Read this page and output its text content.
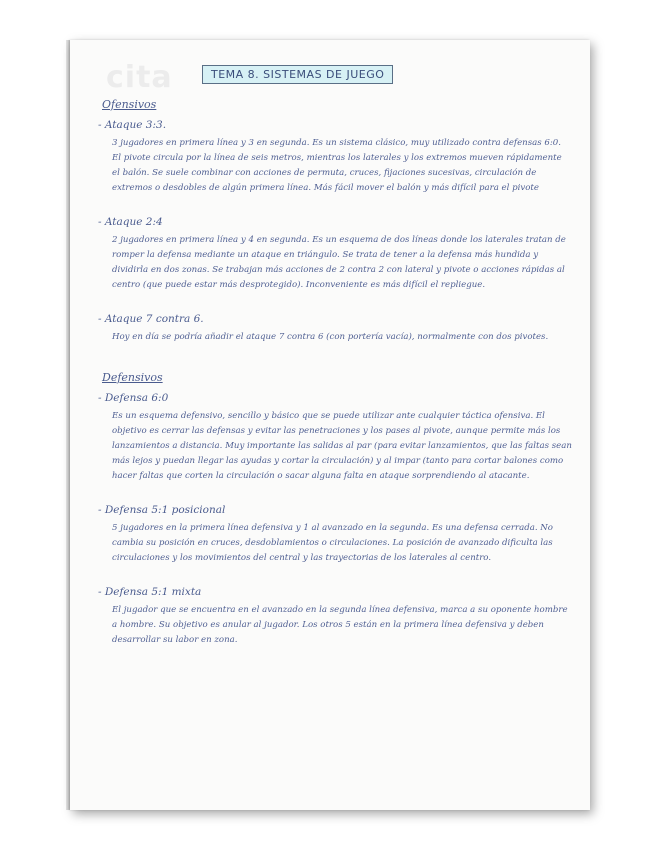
cita	TEMA 8. SISTEMAS DE JUEGO
Ofensivos
- Ataque 3:3.
3 jugadores en primera línea y 3 en segunda. Es un sistema clásico, muy utilizado contra defensas 6:0. El pivote circula por la línea de seis metros, mientras los laterales y los extremos mueven rápidamente el balón. Se suele combinar con acciones de permuta, cruces, fijaciones sucesivas, circulación de extremos o desdobles de algún primera línea. Más fácil mover el balón y más difícil para el pivote
- Ataque 2:4
2 jugadores en primera línea y 4 en segunda. Es un esquema de dos líneas donde los laterales tratan de romper la defensa mediante un ataque en triángulo. Se trata de tener a la defensa más hundida y dividirla en dos zonas. Se trabajan más acciones de 2 contra 2 con lateral y pivote o acciones rápidas al centro (que puede estar más desprotegido). Inconveniente es más difícil el repliegue.
- Ataque 7 contra 6.
Hoy en día se podría añadir el ataque 7 contra 6 (con portería vacía), normalmente con dos pivotes.
Defensivos
- Defensa 6:0
Es un esquema defensivo, sencillo y básico que se puede utilizar ante cualquier táctica ofensiva. El objetivo es cerrar las defensas y evitar las penetraciones y los pases al pivote, aunque permite más los lanzamientos a distancia. Muy importante las salidas al par (para evitar lanzamientos, que las faltas sean más lejos y puedan llegar las ayudas y cortar la circulación) y al impar (tanto para cortar balones como hacer faltas que corten la circulación o sacar alguna falta en ataque sorprendiendo al atacante.
- Defensa 5:1 posicional
5 jugadores en la primera línea defensiva y 1 al avanzado en la segunda. Es una defensa cerrada. No cambia su posición en cruces, desdoblamientos o circulaciones. La posición de avanzado dificulta las circulaciones y los movimientos del central y las trayectorias de los laterales al centro.
- Defensa 5:1 mixta
El jugador que se encuentra en el avanzado en la segunda línea defensiva, marca a su oponente hombre a hombre. Su objetivo es anular al jugador. Los otros 5 están en la primera línea defensiva y deben desarrollar su labor en zona.
